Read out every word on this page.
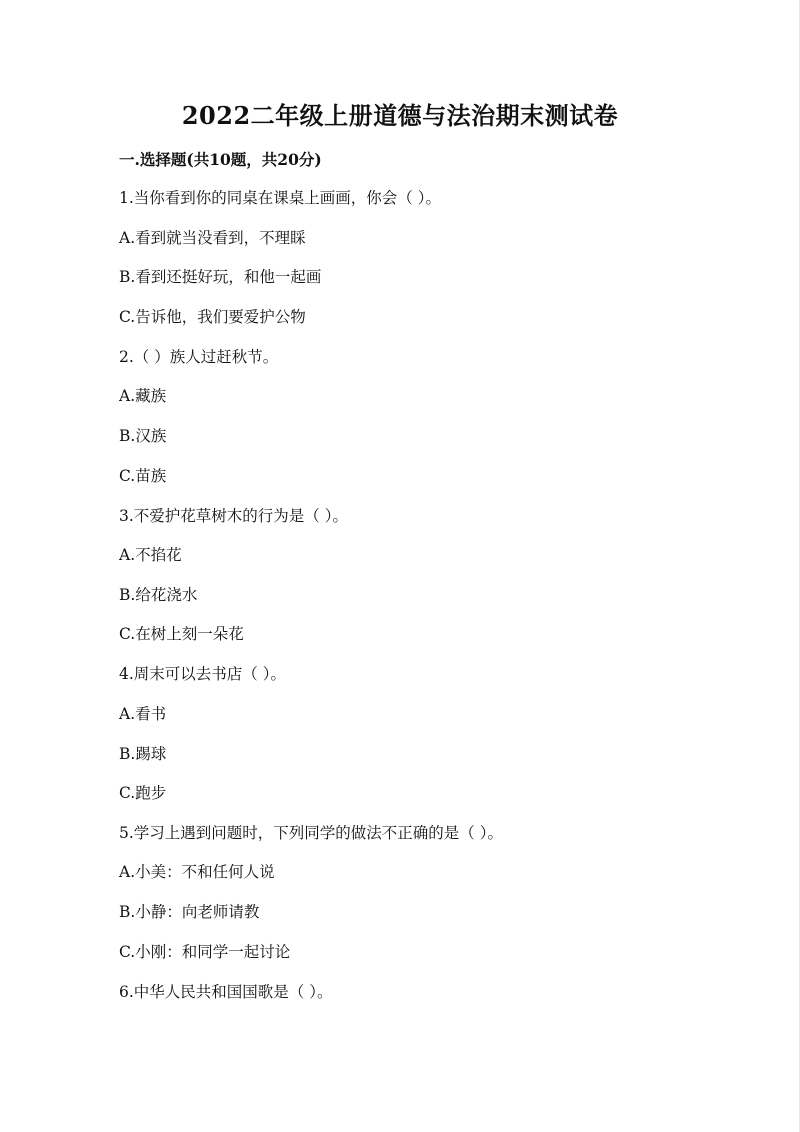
2022二年级上册道德与法治期末测试卷
一.选择题(共10题，共20分)
1.当你看到你的同桌在课桌上画画，你会（ ）。
A.看到就当没看到，不理睬
B.看到还挺好玩，和他一起画
C.告诉他，我们要爱护公物
2.（ ）族人过赶秋节。
A.藏族
B.汉族
C.苗族
3.不爱护花草树木的行为是（ ）。
A.不掐花
B.给花浇水
C.在树上刻一朵花
4.周末可以去书店（ ）。
A.看书
B.踢球
C.跑步
5.学习上遇到问题时，下列同学的做法不正确的是（ ）。
A.小美：不和任何人说
B.小静：向老师请教
C.小刚：和同学一起讨论
6.中华人民共和国国歌是（ ）。
